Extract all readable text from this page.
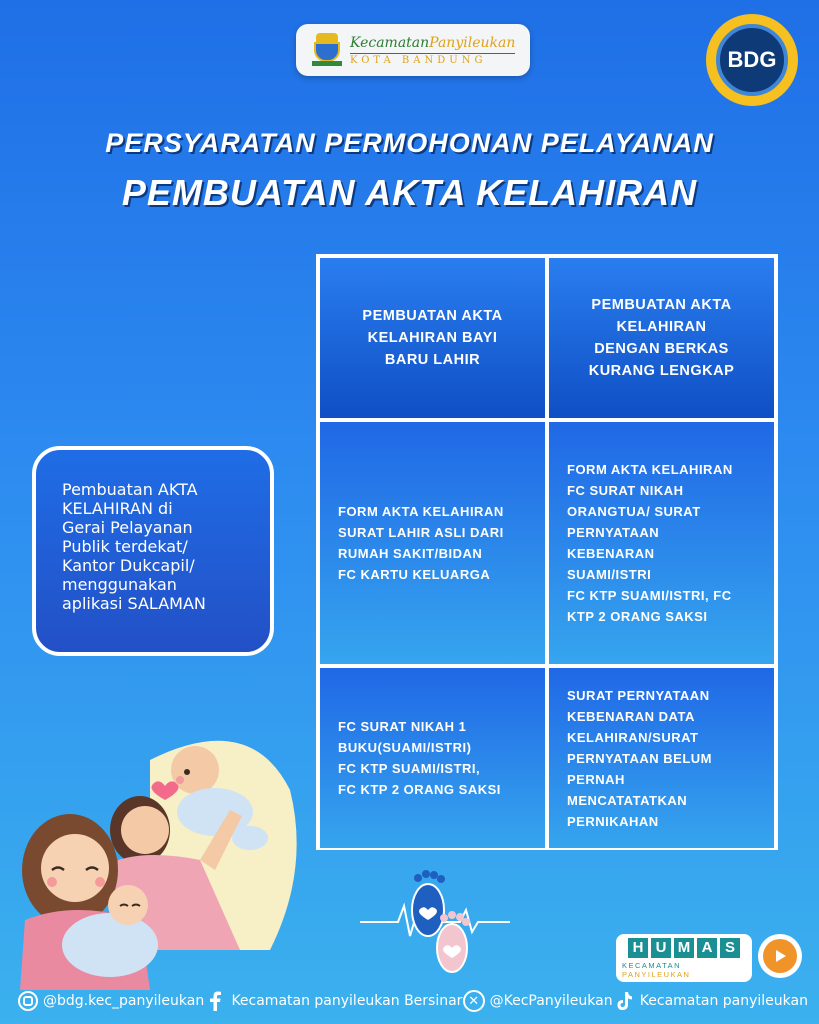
KecamatanPanyileukan
KOTA BANDUNG	BDG
PERSYARATAN PERMOHONAN PELAYANAN
PEMBUATAN AKTA KELAHIRAN
Pembuatan AKTA
KELAHIRAN di
Gerai Pelayanan
Publik terdekat/
Kantor Dukcapil/
menggunakan
aplikasi SALAMAN
PEMBUATAN AKTA
KELAHIRAN BAYI
BARU LAHIR
PEMBUATAN AKTA
KELAHIRAN
DENGAN BERKAS
KURANG LENGKAP
FORM AKTA KELAHIRAN
SURAT LAHIR ASLI DARI
RUMAH SAKIT/BIDAN
FC KARTU KELUARGA
FORM AKTA KELAHIRAN
FC SURAT NIKAH
ORANGTUA/ SURAT
PERNYATAAN
KEBENARAN
SUAMI/ISTRI
FC KTP SUAMI/ISTRI, FC
KTP 2 ORANG SAKSI
FC SURAT NIKAH 1
BUKU(SUAMI/ISTRI)
FC KTP SUAMI/ISTRI,
FC KTP 2 ORANG SAKSI
SURAT PERNYATAAN
KEBENARAN DATA
KELAHIRAN/SURAT
PERNYATAAN BELUM
PERNAH
MENCATATATKAN
PERNIKAHAN
H U M A S
KECAMATAN PANYILEUKAN
@bdg.kec_panyileukan Kecamatan panyileukan Bersinar ✕ @KecPanyileukan Kecamatan panyileukan
